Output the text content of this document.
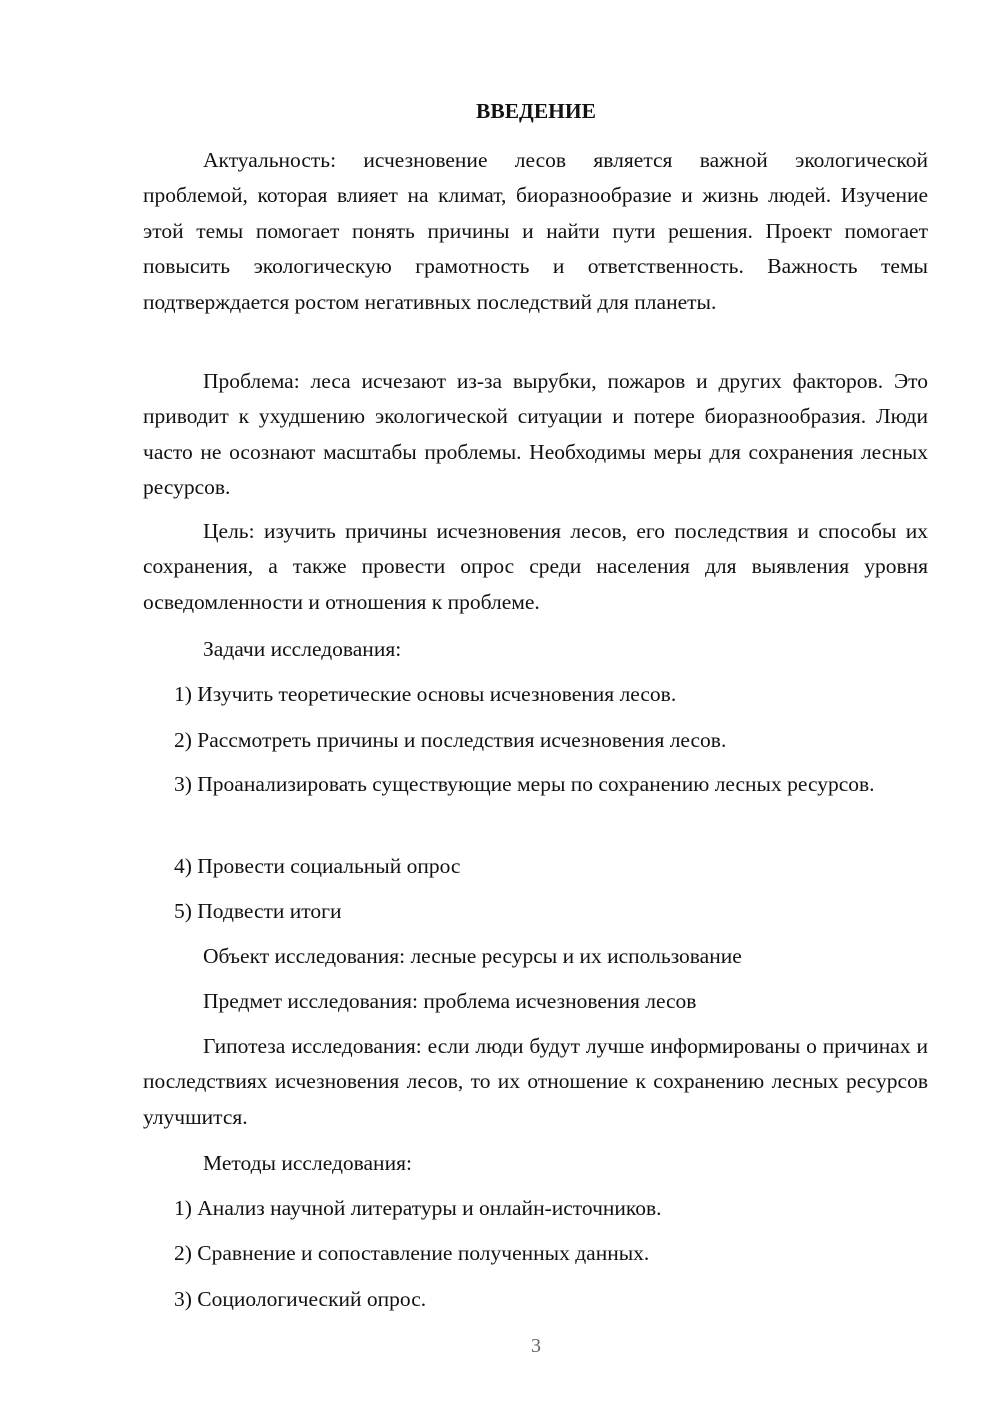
ВВЕДЕНИЕ

Актуальность: исчезновение лесов является важной экологической проблемой, которая влияет на климат, биоразнообразие и жизнь людей. Изучение этой темы помогает понять причины и найти пути решения. Проект помогает повысить экологическую грамотность и ответственность. Важность темы подтверждается ростом негативных последствий для планеты.

Проблема: леса исчезают из-за вырубки, пожаров и других факторов. Это приводит к ухудшению экологической ситуации и потере биоразнообразия. Люди часто не осознают масштабы проблемы. Необходимы меры для сохранения лесных ресурсов.

Цель: изучить причины исчезновения лесов, его последствия и способы их сохранения, а также провести опрос среди населения для выявления уровня осведомленности и отношения к проблеме.

Задачи исследования:

1) Изучить теоретические основы исчезновения лесов.

2) Рассмотреть причины и последствия исчезновения лесов.

3) Проанализировать существующие меры по сохранению лесных ресурсов.

4) Провести социальный опрос

5) Подвести итоги

Объект исследования: лесные ресурсы и их использование

Предмет исследования: проблема исчезновения лесов

Гипотеза исследования: если люди будут лучше информированы о причинах и последствиях исчезновения лесов, то их отношение к сохранению лесных ресурсов улучшится.

Методы исследования:

1) Анализ научной литературы и онлайн-источников.

2) Сравнение и сопоставление полученных данных.

3) Социологический опрос.

3
